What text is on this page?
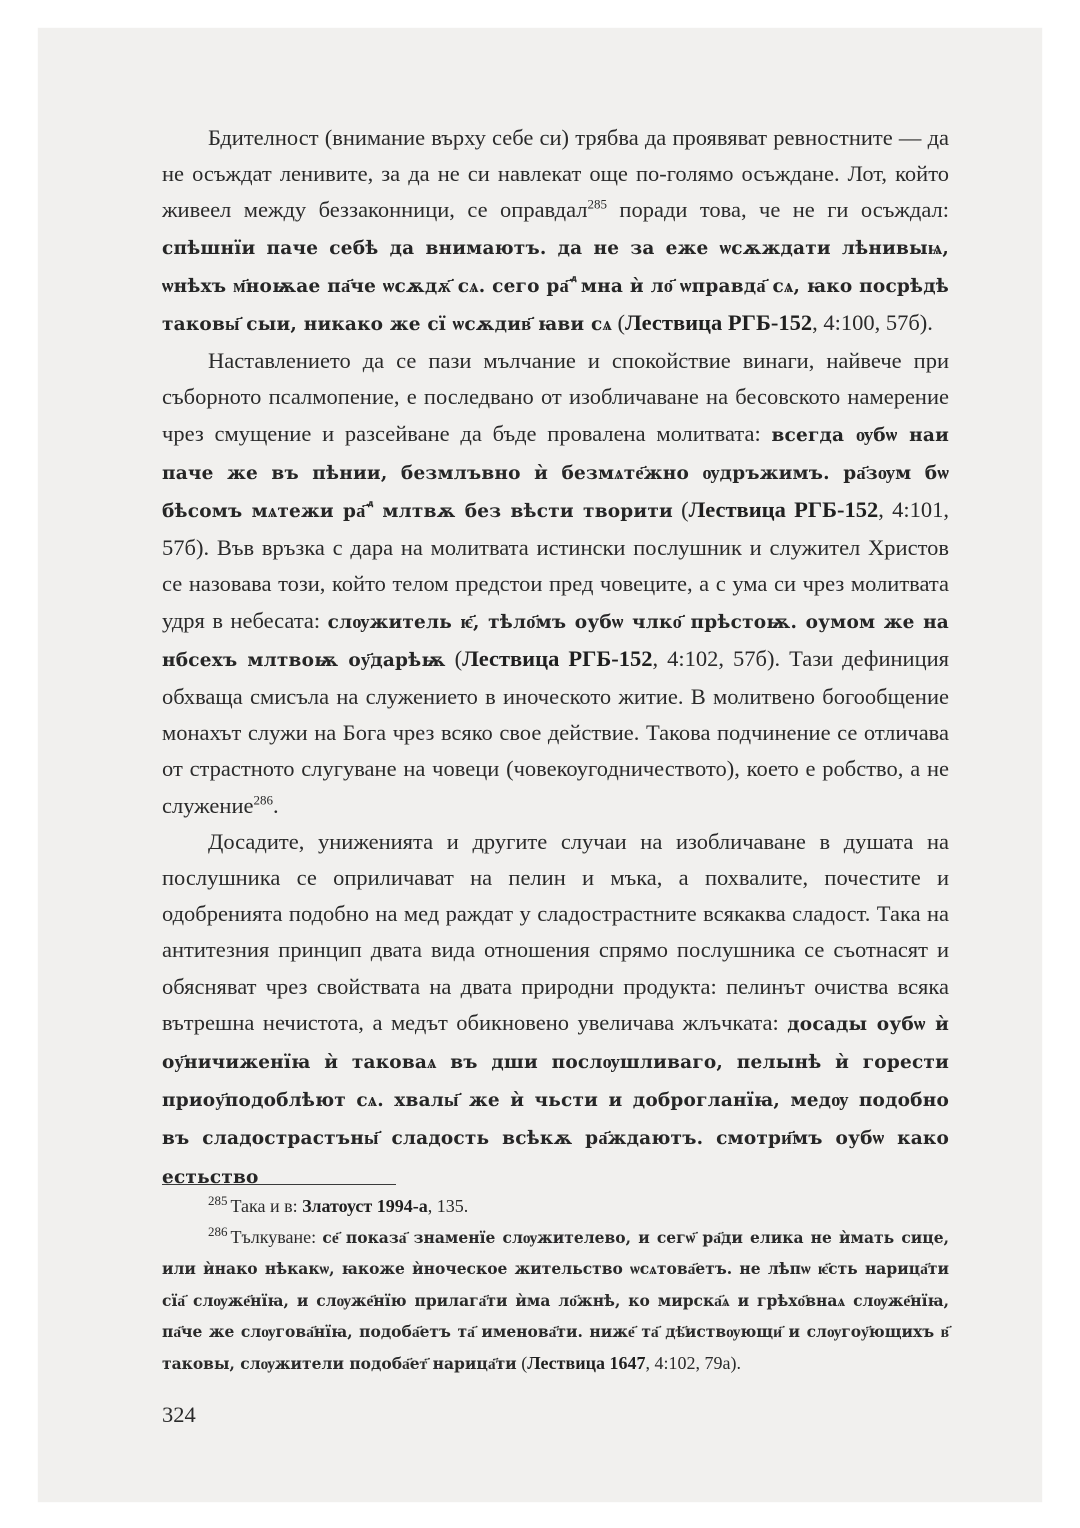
Бдителност (внимание върху себе си) трябва да проявяват ревностните — да не осъждат ленивите, за да не си навлекат още по-голямо осъждане. Лот, който живеел между беззаконници, се оправдал$^{285}$ поради това, че не ги осъждал: спѣшнїи паче себѣ да внимаютъ. да не за еже ѡсѫждати лѣнивыѩ, ѡнѣхъ м҃ноѭае па҃че ѡсѫдѫ҃ сѧ. сего ра҃ ⷣ мна ѝ ло҃ ѡправда҃ сѧ, ꙗко посрѣдѣ таковы҃ сыи, никако же сї ѡсѫдив҃ ꙗви сѧ (Лествица РГБ-152, 4:100, 57б).

Наставлението да се пази мълчание и спокойствие винаги, найвече при съборното псалмопение, е последвано от изобличаване на бесовското намерение чрез смущение и разсейване да бъде провалена молитвата: всегда ѹбѡ наи паче же въ пѣнии, безмлъвно ѝ безмѧте҃жно ѹдръжимъ. ра҃зѹм бѡ бѣсомъ мѧтежи ра҃ ⷣ млтвѫ без вѣсти творити (Лествица РГБ-152, 4:101, 57б). Във връзка с дара на молитвата истински послушник и служител Христов се назовава този, който телом предстои пред човеците, а с ума си чрез молитвата удря в небесата: слѹжитель ѥ҃, тѣло҃мъ оубѡ члко҃ прѣстоѭ. оумом же на нбсехъ млтвоѭ оу҃дарѣѭ (Лествица РГБ-152, 4:102, 57б). Тази дефиниция обхваща смисъла на служението в иноческото житие. В молитвено богообщение монахът служи на Бога чрез всяко свое действие. Такова подчинение се отличава от страстното слугуване на човеци (човекоугодничеството), което е робство, а не служение$^{286}$.

Досадите, униженията и другите случаи на изобличаване в душата на послушника се оприличават на пелин и мъка, а похвалите, почестите и одобренията подобно на мед раждат у сладострастните всякаква сладост. Така на антитезния принцип двата вида отношения спрямо послушника се съотнасят и обясняват чрез свойствата на двата природни продукта: пелинът очиства всяка вътрешна нечистота, а медът обикновено увеличава жлъчката: досады оубѡ ѝ оу҃ничиженїꙗ ѝ таковаѧ въ дши послѹшливаго, пелынѣ ѝ горести приоу҃подоблѣют сѧ. хвалы҃ же ѝ чьсти и доброгланїꙗ, медѹ подобно въ сладострастъны҃ сладость всѣкѫ ра҃ждаютъ. смотри҃мъ оубѡ како естьство

$^{285}$ Така и в: Златоуст 1994-а, 135.

$^{286}$ Тълкуване: се҃ показа҃ знаменїе слѹжителево, и сегѡ҃ ра҃ди елика не ѝмать сице, или ѝнако нѣкакѡ, ꙗкоже ѝноческое жительство ѡсѧтова҃етъ. не лѣпѡ ѥ҃сть нарица҃ти сїа҃ слѹже҃нїꙗ, и слѹже҃нїю прилага҃ти ѝма ло҃жнѣ, ко мирска҃ѧ и грѣхо҃внаѧ слѹже҃нїꙗ, па҃че же слѹгова҃нїꙗ, подоба҃етъ та҃ именова҃ти. ниже҃ та҃ дѣ҃иствѹющи҃ и слѹгоу҃ющихъ в҃ таковы, слѹжители подоба҃ет҃ нарица҃ти (Лествица 1647, 4:102, 79а).

324
